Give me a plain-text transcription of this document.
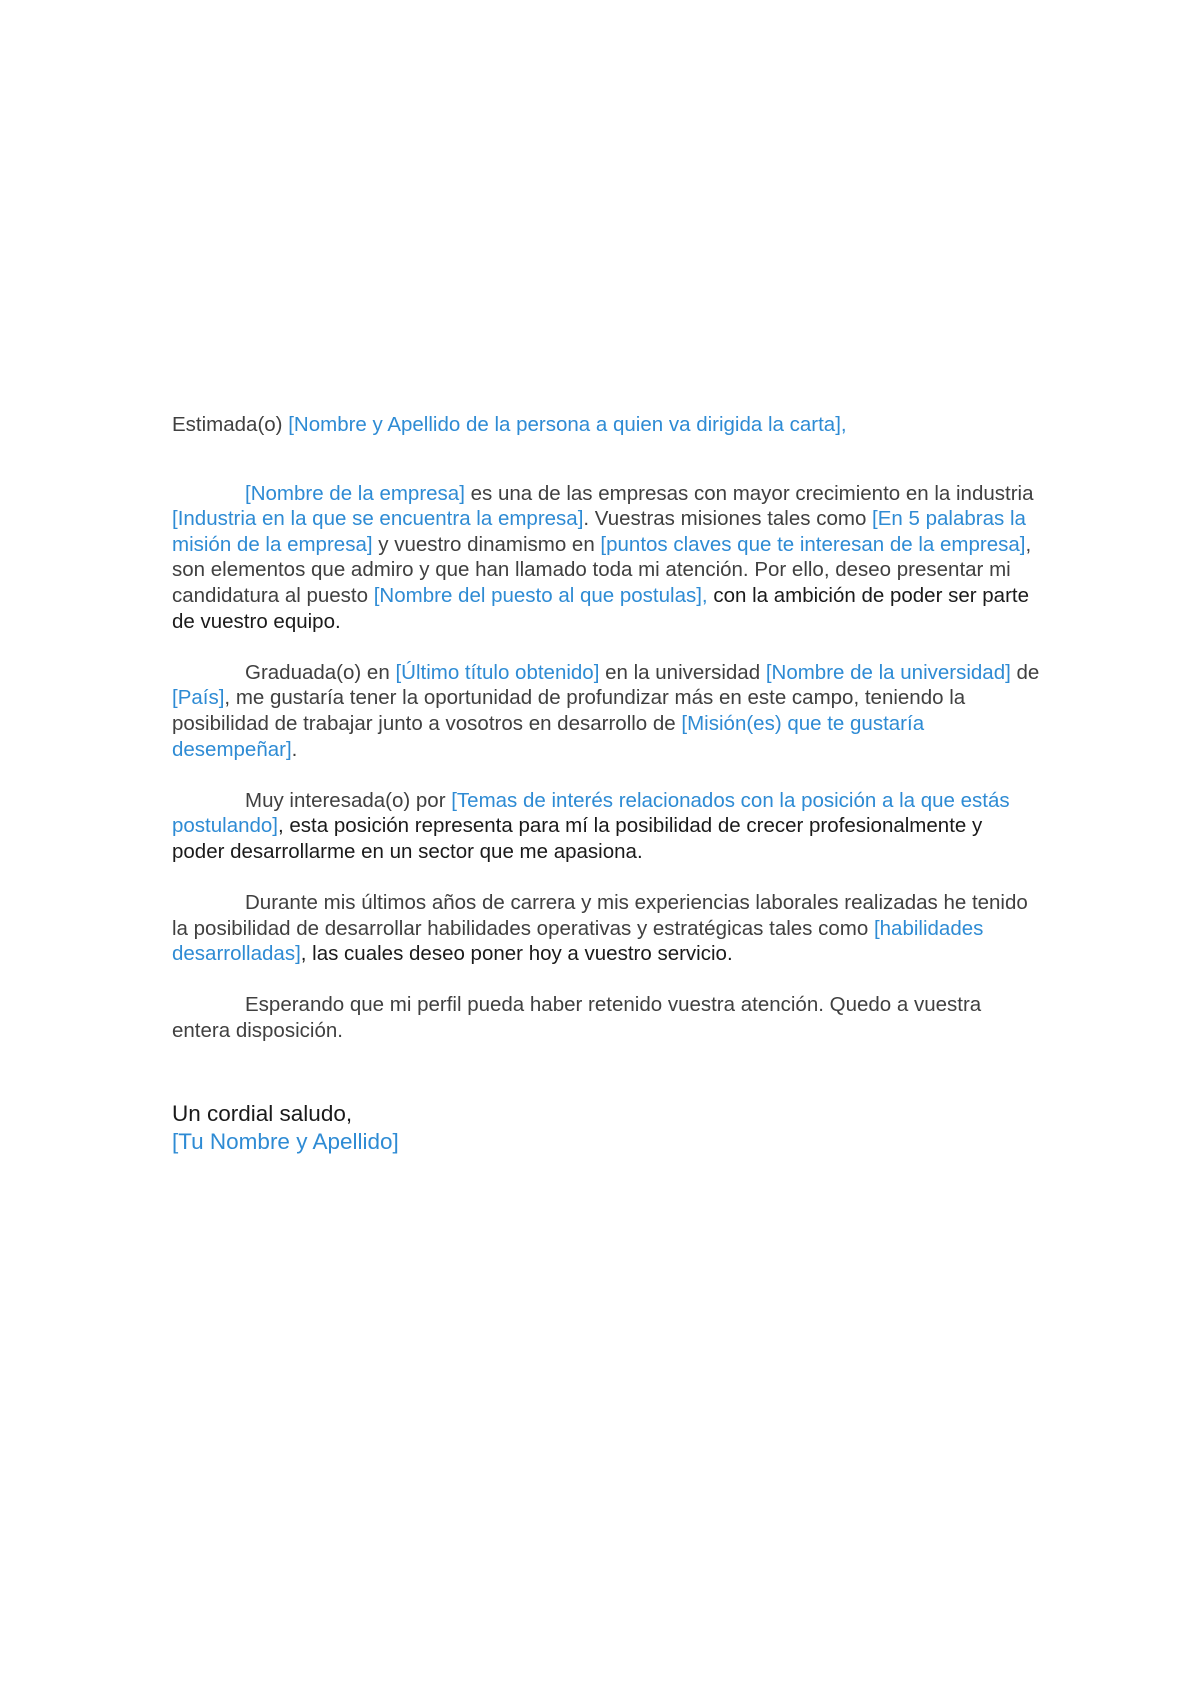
Estimada(o) [Nombre y Apellido de la persona a quien va dirigida la carta],

[Nombre de la empresa] es una de las empresas con mayor crecimiento en la industria [Industria en la que se encuentra la empresa]. Vuestras misiones tales como [En 5 palabras la misión de la empresa] y vuestro dinamismo en [puntos claves que te interesan de la empresa], son elementos que admiro y que han llamado toda mi atención. Por ello, deseo presentar mi candidatura al puesto [Nombre del puesto al que postulas], con la ambición de poder ser parte de vuestro equipo.

Graduada(o) en [Último título obtenido] en la universidad [Nombre de la universidad] de [País], me gustaría tener la oportunidad de profundizar más en este campo, teniendo la posibilidad de trabajar junto a vosotros en desarrollo de [Misión(es) que te gustaría desempeñar].

Muy interesada(o) por [Temas de interés relacionados con la posición a la que estás postulando], esta posición representa para mí la posibilidad de crecer profesionalmente y poder desarrollarme en un sector que me apasiona.

Durante mis últimos años de carrera y mis experiencias laborales realizadas he tenido la posibilidad de desarrollar habilidades operativas y estratégicas tales como [habilidades desarrolladas], las cuales deseo poner hoy a vuestro servicio.

Esperando que mi perfil pueda haber retenido vuestra atención. Quedo a vuestra entera disposición.

Un cordial saludo,
[Tu Nombre y Apellido]
